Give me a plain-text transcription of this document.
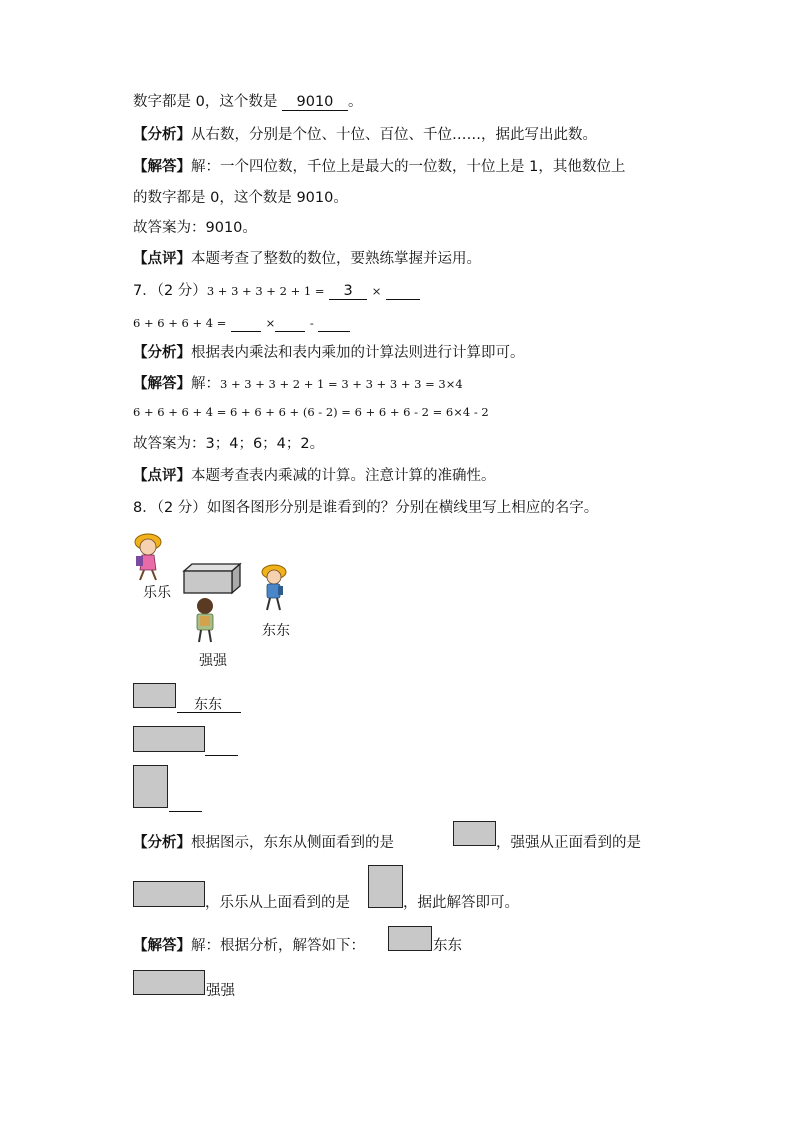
数字都是 0，这个数是 9010 。
【分析】从右数，分别是个位、十位、百位、千位……，据此写出此数。
【解答】解：一个四位数，千位上是最大的一位数，十位上是 1，其他数位上
的数字都是 0，这个数是 9010。
故答案为：9010。
【点评】本题考查了整数的数位，要熟练掌握并运用。
7．（2 分）3 + 3 + 3 + 2 + 1 = 3 ×
6 + 6 + 6 + 4 =	×	-
【分析】根据表内乘法和表内乘加的计算法则进行计算即可。
【解答】解：3 + 3 + 3 + 2 + 1 = 3 + 3 + 3 + 3 = 3×4
6 + 6 + 6 + 4 = 6 + 6 + 6 + (6 - 2) = 6 + 6 + 6 - 2 = 6×4 - 2
故答案为：3；4；6；4；2。
【点评】本题考查表内乘减的计算。注意计算的准确性。
8．（2 分）如图各图形分别是谁看到的？分别在横线里写上相应的名字。
乐乐
东东
强强
东东
【分析】根据图示，东东从侧面看到的是	，强强从正面看到的是
，乐乐从上面看到的是	，据此解答即可。
【解答】解：根据分析，解答如下：	东东
强强
